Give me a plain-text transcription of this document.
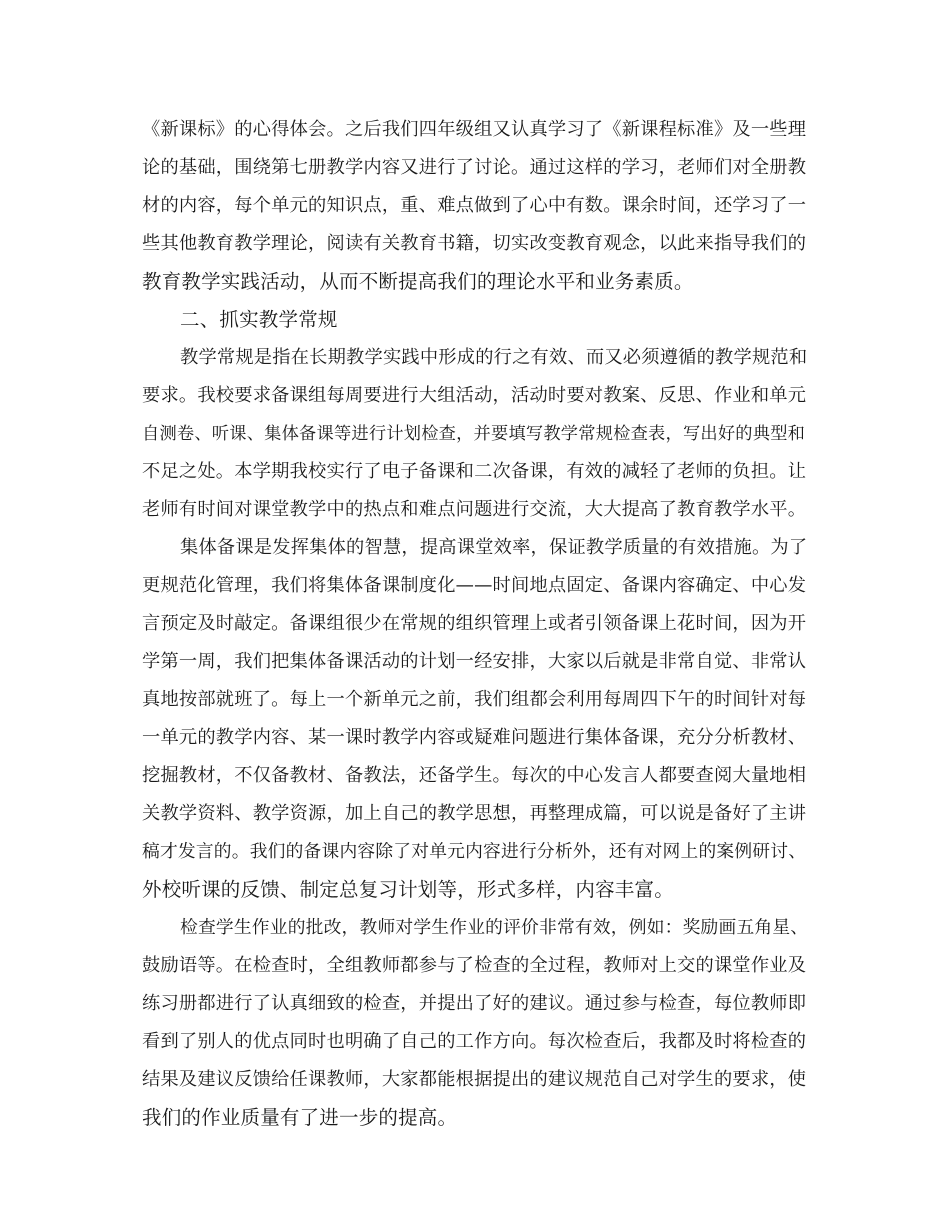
《新课标》的心得体会。之后我们四年级组又认真学习了《新课程标准》及一些理
论的基础，围绕第七册教学内容又进行了讨论。通过这样的学习，老师们对全册教
材的内容，每个单元的知识点，重、难点做到了心中有数。课余时间，还学习了一
些其他教育教学理论，阅读有关教育书籍，切实改变教育观念，以此来指导我们的
教育教学实践活动，从而不断提高我们的理论水平和业务素质。
二、抓实教学常规
教学常规是指在长期教学实践中形成的行之有效、而又必须遵循的教学规范和
要求。我校要求备课组每周要进行大组活动，活动时要对教案、反思、作业和单元
自测卷、听课、集体备课等进行计划检查，并要填写教学常规检查表，写出好的典型和
不足之处。本学期我校实行了电子备课和二次备课，有效的减轻了老师的负担。让
老师有时间对课堂教学中的热点和难点问题进行交流，大大提高了教育教学水平。
集体备课是发挥集体的智慧，提高课堂效率，保证教学质量的有效措施。为了
更规范化管理，我们将集体备课制度化——时间地点固定、备课内容确定、中心发
言预定及时敲定。备课组很少在常规的组织管理上或者引领备课上花时间，因为开
学第一周，我们把集体备课活动的计划一经安排，大家以后就是非常自觉、非常认
真地按部就班了。每上一个新单元之前，我们组都会利用每周四下午的时间针对每
一单元的教学内容、某一课时教学内容或疑难问题进行集体备课，充分分析教材、
挖掘教材，不仅备教材、备教法，还备学生。每次的中心发言人都要查阅大量地相
关教学资料、教学资源，加上自己的教学思想，再整理成篇，可以说是备好了主讲
稿才发言的。我们的备课内容除了对单元内容进行分析外，还有对网上的案例研讨、
外校听课的反馈、制定总复习计划等，形式多样，内容丰富。
检查学生作业的批改，教师对学生作业的评价非常有效，例如：奖励画五角星、
鼓励语等。在检查时，全组教师都参与了检查的全过程，教师对上交的课堂作业及
练习册都进行了认真细致的检查，并提出了好的建议。通过参与检查，每位教师即
看到了别人的优点同时也明确了自己的工作方向。每次检查后，我都及时将检查的
结果及建议反馈给任课教师，大家都能根据提出的建议规范自己对学生的要求，使
我们的作业质量有了进一步的提高。
